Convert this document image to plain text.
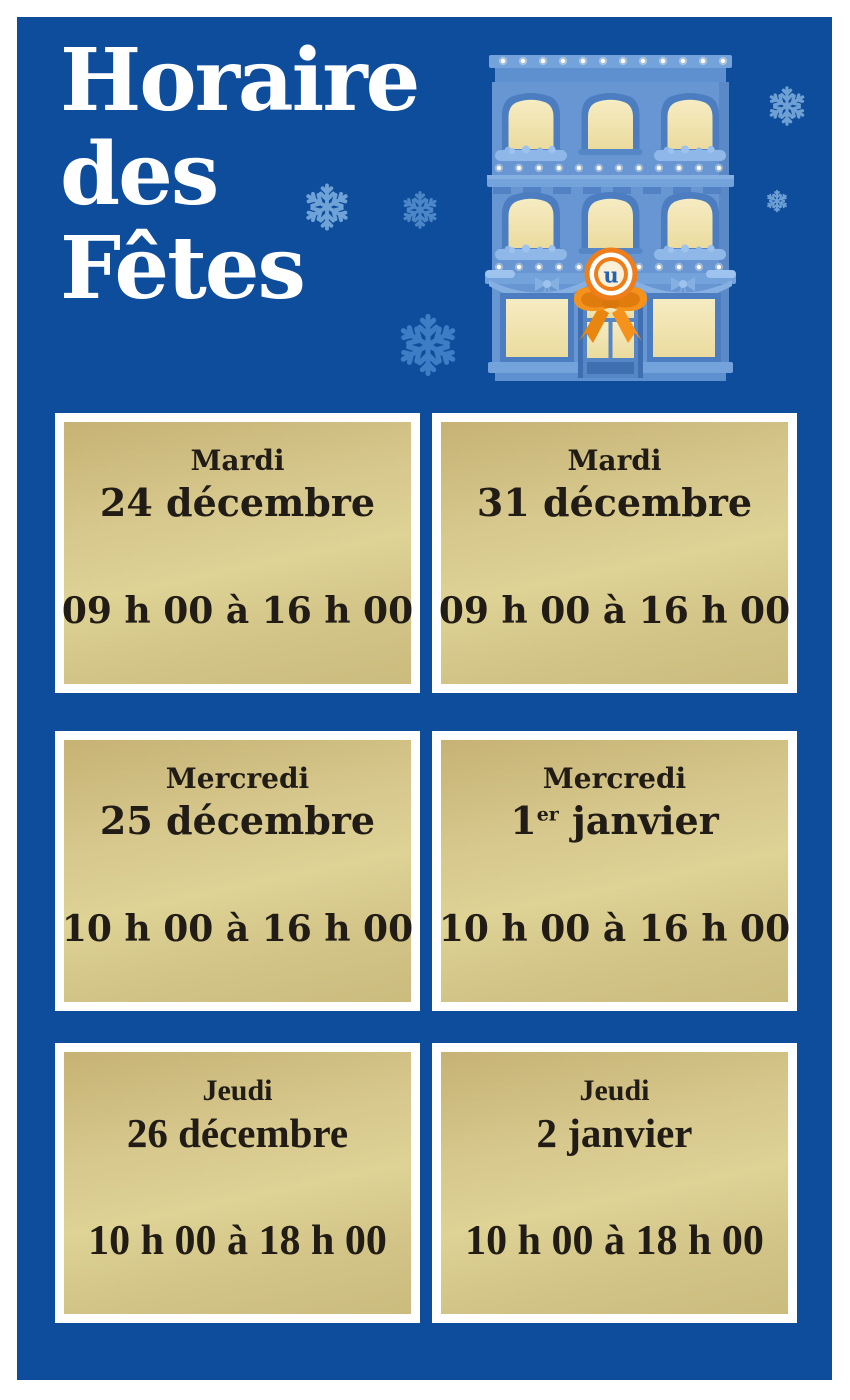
Horaire
des
Fêtes	u
Mardi
24 décembre
09 h 00 à 16 h 00
Mardi
31 décembre
09 h 00 à 16 h 00
Mercredi
25 décembre
10 h 00 à 16 h 00
Mercredi
1er janvier
10 h 00 à 16 h 00
Jeudi
26 décembre
10 h 00 à 18 h 00
Jeudi
2 janvier
10 h 00 à 18 h 00
